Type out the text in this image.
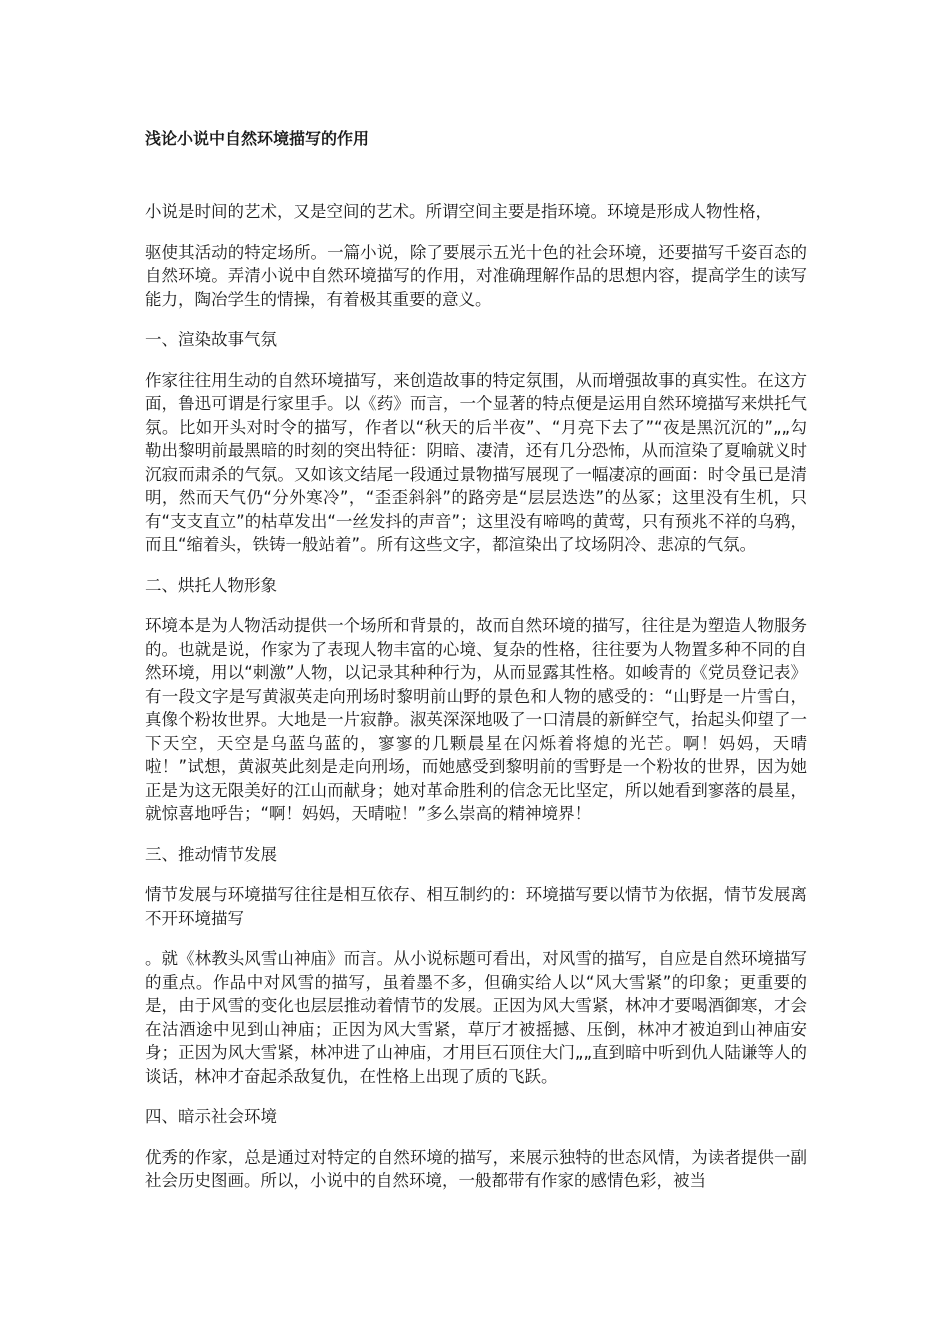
浅论小说中自然环境描写的作用

小说是时间的艺术，又是空间的艺术。所谓空间主要是指环境。环境是形成人物性格，

驱使其活动的特定场所。一篇小说，除了要展示五光十色的社会环境，还要描写千姿百态的自然环境。弄清小说中自然环境描写的作用，对准确理解作品的思想内容，提高学生的读写能力，陶冶学生的情操，有着极其重要的意义。

一、渲染故事气氛

作家往往用生动的自然环境描写，来创造故事的特定氛围，从而增强故事的真实性。在这方面，鲁迅可谓是行家里手。以《药》而言，一个显著的特点便是运用自然环境描写来烘托气氛。比如开头对时令的描写，作者以“秋天的后半夜”、“月亮下去了”“夜是黑沉沉的”„„勾勒出黎明前最黑暗的时刻的突出特征：阴暗、凄清，还有几分恐怖，从而渲染了夏喻就义时沉寂而肃杀的气氛。又如该文结尾一段通过景物描写展现了一幅凄凉的画面：时令虽已是清明，然而天气仍“分外寒冷”，“歪歪斜斜”的路旁是“层层迭迭”的丛冢；这里没有生机，只有“支支直立”的枯草发出“一丝发抖的声音”；这里没有啼鸣的黄莺，只有预兆不祥的乌鸦，而且“缩着头，铁铸一般站着”。所有这些文字，都渲染出了坟场阴冷、悲凉的气氛。

二、烘托人物形象

环境本是为人物活动提供一个场所和背景的，故而自然环境的描写，往往是为塑造人物服务的。也就是说，作家为了表现人物丰富的心境、复杂的性格，往往要为人物置多种不同的自然环境，用以“刺激”人物，以记录其种种行为，从而显露其性格。如峻青的《党员登记表》有一段文字是写黄淑英走向刑场时黎明前山野的景色和人物的感受的：“山野是一片雪白，真像个粉妆世界。大地是一片寂静。淑英深深地吸了一口清晨的新鲜空气，抬起头仰望了一下天空，天空是乌蓝乌蓝的，寥寥的几颗晨星在闪烁着将熄的光芒。啊！妈妈，天晴啦！”试想，黄淑英此刻是走向刑场，而她感受到黎明前的雪野是一个粉妆的世界，因为她正是为这无限美好的江山而献身；她对革命胜利的信念无比坚定，所以她看到寥落的晨星，就惊喜地呼告；“啊！妈妈，天晴啦！”多么崇高的精神境界！

三、推动情节发展

情节发展与环境描写往往是相互依存、相互制约的：环境描写要以情节为依据，情节发展离不开环境描写

。就《林教头风雪山神庙》而言。从小说标题可看出，对风雪的描写，自应是自然环境描写的重点。作品中对风雪的描写，虽着墨不多，但确实给人以“风大雪紧”的印象；更重要的是，由于风雪的变化也层层推动着情节的发展。正因为风大雪紧，林冲才要喝酒御寒，才会在沽酒途中见到山神庙；正因为风大雪紧，草厅才被摇撼、压倒，林冲才被迫到山神庙安身；正因为风大雪紧，林冲进了山神庙，才用巨石顶住大门„„直到暗中听到仇人陆谦等人的谈话，林冲才奋起杀敌复仇，在性格上出现了质的飞跃。

四、暗示社会环境

优秀的作家，总是通过对特定的自然环境的描写，来展示独特的世态风情，为读者提供一副社会历史图画。所以，小说中的自然环境，一般都带有作家的感情色彩，被当
